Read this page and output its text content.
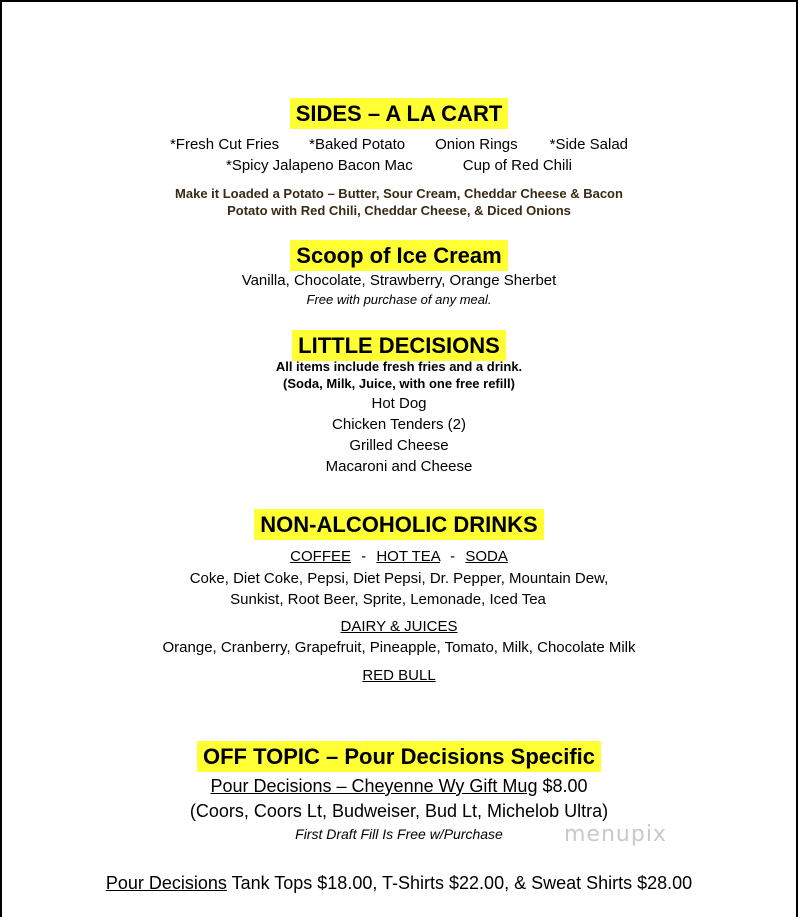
SIDES – A LA CART
*Fresh Cut Fries *Baked Potato Onion Rings *Side Salad
*Spicy Jalapeno Bacon Mac	Cup of Red Chili
Make it Loaded a Potato – Butter, Sour Cream, Cheddar Cheese & Bacon
Potato with Red Chili, Cheddar Cheese, & Diced Onions
Scoop of Ice Cream
Vanilla, Chocolate, Strawberry, Orange Sherbet
Free with purchase of any meal.
LITTLE DECISIONS
All items include fresh fries and a drink.
(Soda, Milk, Juice, with one free refill)
Hot Dog
Chicken Tenders (2)
Grilled Cheese
Macaroni and Cheese
NON-ALCOHOLIC DRINKS
COFFEE - HOT TEA - SODA
Coke, Diet Coke, Pepsi, Diet Pepsi, Dr. Pepper, Mountain Dew,
Sunkist, Root Beer, Sprite, Lemonade, Iced Tea
DAIRY & JUICES
Orange, Cranberry, Grapefruit, Pineapple, Tomato, Milk, Chocolate Milk
RED BULL
OFF TOPIC – Pour Decisions Specific
Pour Decisions – Cheyenne Wy Gift Mug $8.00
(Coors, Coors Lt, Budweiser, Bud Lt, Michelob Ultra)
First Draft Fill Is Free w/Purchase
Pour Decisions Tank Tops $18.00, T-Shirts $22.00, & Sweat Shirts $28.00
menupix
